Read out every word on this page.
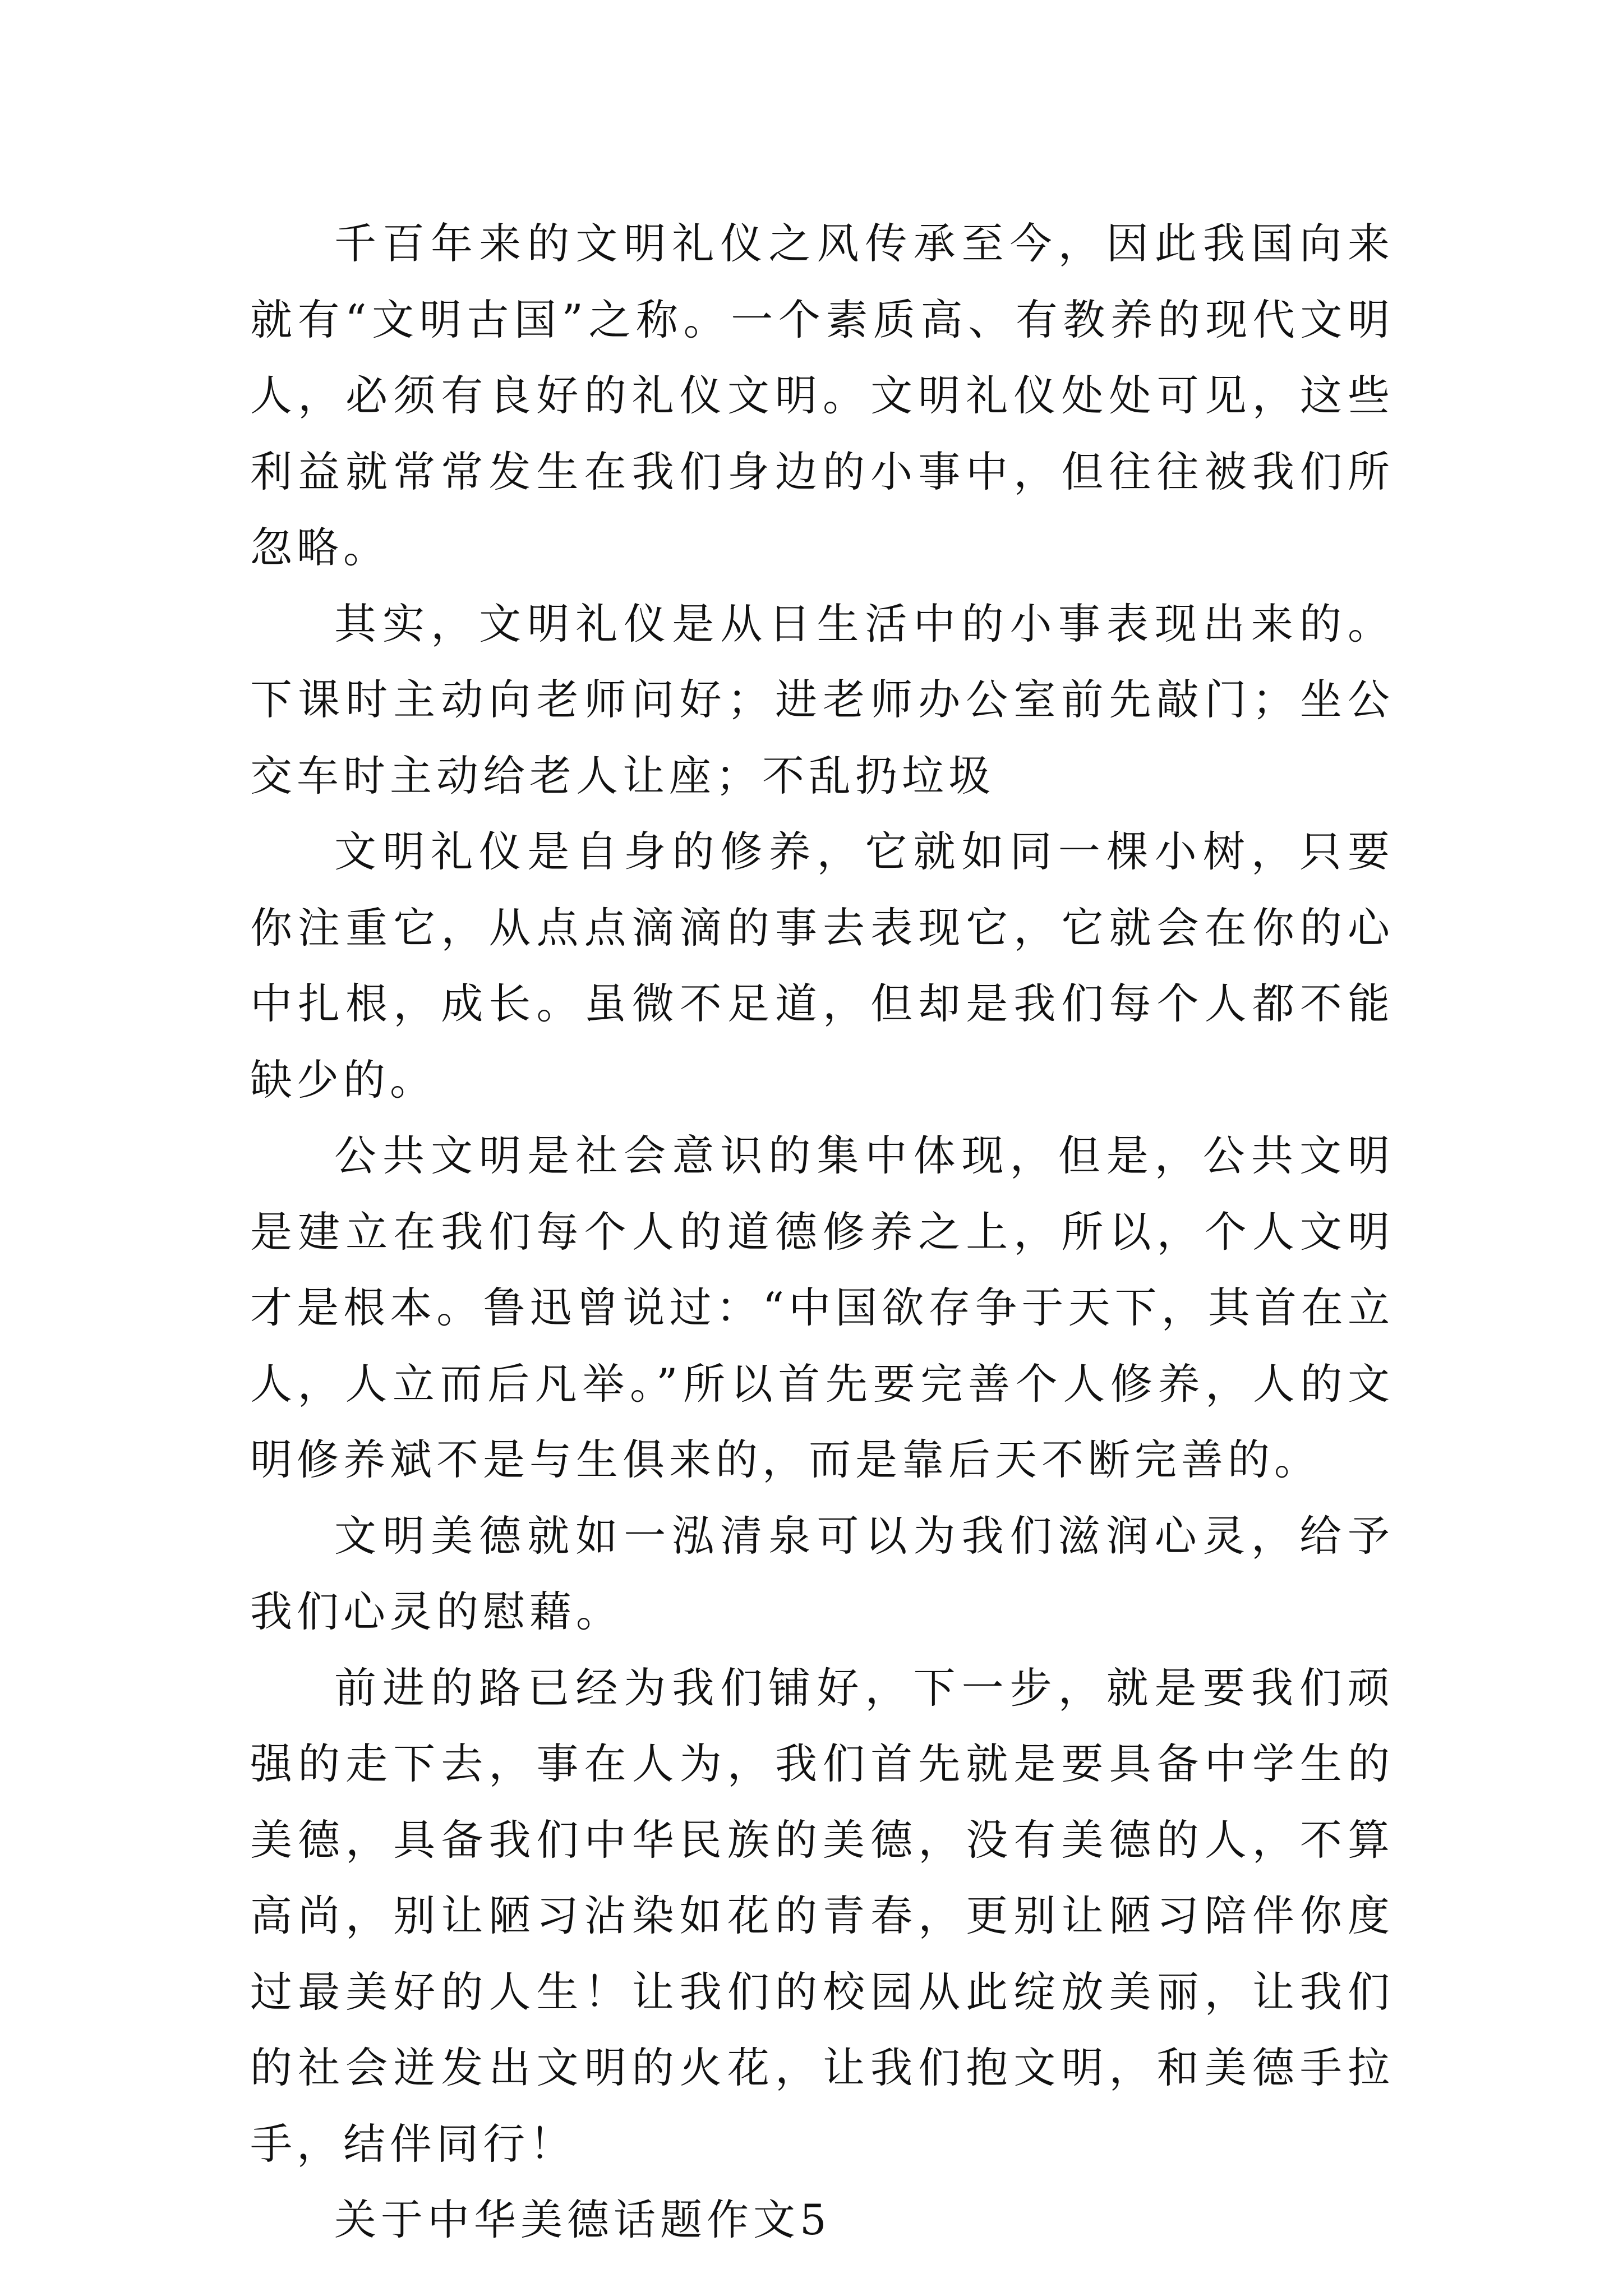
千百年来的文明礼仪之风传承至今，因此我国向来就有“文明古国”之称。一个素质高、有教养的现代文明人，必须有良好的礼仪文明。文明礼仪处处可见，这些利益就常常发生在我们身边的小事中，但往往被我们所忽略。

其实，文明礼仪是从日生活中的小事表现出来的。下课时主动向老师问好；进老师办公室前先敲门；坐公交车时主动给老人让座；不乱扔垃圾

文明礼仪是自身的修养，它就如同一棵小树，只要你注重它，从点点滴滴的事去表现它，它就会在你的心中扎根，成长。虽微不足道，但却是我们每个人都不能缺少的。

公共文明是社会意识的集中体现，但是，公共文明是建立在我们每个人的道德修养之上，所以，个人文明才是根本。鲁迅曾说过：“中国欲存争于天下，其首在立人，人立而后凡举。”所以首先要完善个人修养，人的文明修养斌不是与生俱来的，而是靠后天不断完善的。

文明美德就如一泓清泉可以为我们滋润心灵，给予我们心灵的慰藉。

前进的路已经为我们铺好，下一步，就是要我们顽强的走下去，事在人为，我们首先就是要具备中学生的美德，具备我们中华民族的美德，没有美德的人，不算高尚，别让陋习沾染如花的青春，更别让陋习陪伴你度过最美好的人生！让我们的校园从此绽放美丽，让我们的社会迸发出文明的火花，让我们抱文明，和美德手拉手，结伴同行！

关于中华美德话题作文5
